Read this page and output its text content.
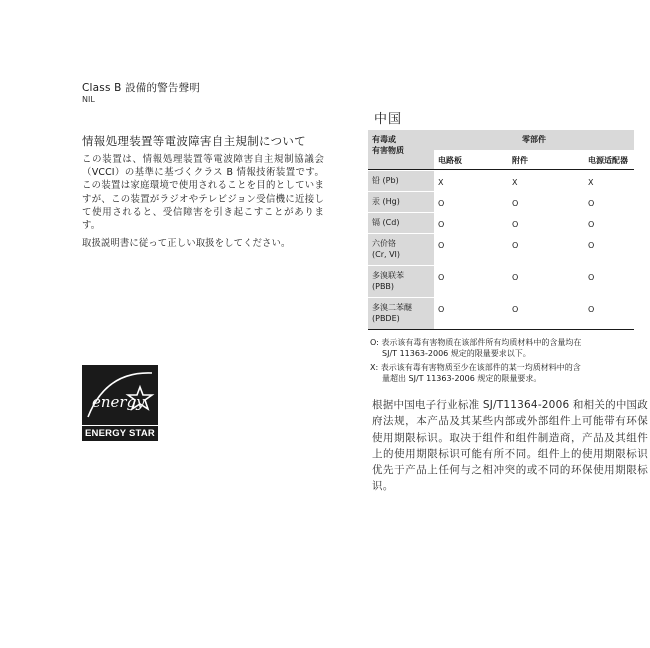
Class B 設備的警告聲明
NIL
情報処理装置等電波障害自主規制について
この装置は、情報処理装置等電波障害自主規制協議会（VCCI）の基準に基づくクラス B 情報技術装置です。この装置は家庭環境で使用されることを目的としていますが、この装置がラジオやテレビジョン受信機に近接して使用されると、受信障害を引き起こすことがあります。
取扱説明書に従って正しい取扱をしてください。
energy
ENERGY STAR
中国
有毒或
有害物质	零部件		
	电路板	附件	电源适配器

铅 (Pb)	X	X	X
汞 (Hg)	O	O	O
镉 (Cd)	O	O	O
六价铬
(Cr, VI)	O	O	O
多溴联苯
(PBB)	O	O	O
多溴二苯醚
(PBDE)	O	O	O

O: 表示该有毒有害物质在该部件所有均质材料中的含量均在
SJ/T 11363-2006 规定的限量要求以下。
X: 表示该有毒有害物质至少在该部件的某一均质材料中的含
量超出 SJ/T 11363-2006 规定的限量要求。
根据中国电子行业标准 SJ/T11364-2006 和相关的中国政府法规，本产品及其某些内部或外部组件上可能带有环保使用期限标识。取决于组件和组件制造商，产品及其组件上的使用期限标识可能有所不同。组件上的使用期限标识优先于产品上任何与之相冲突的或不同的环保使用期限标识。
